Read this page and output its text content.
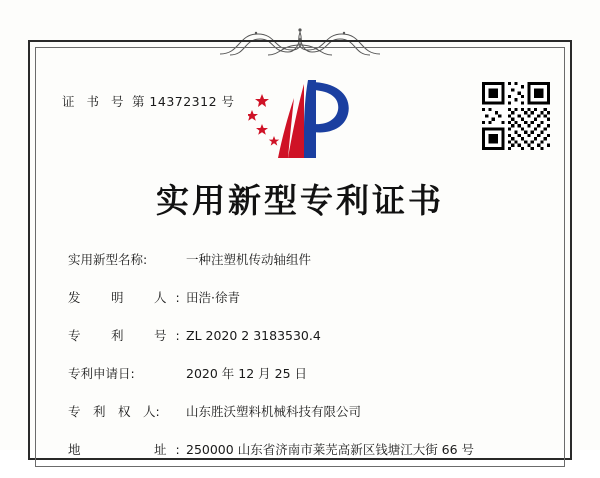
证 书 号 第 14372312 号
实用新型专利证书
实用新型名称:	一种注塑机传动轴组件
发　明　人:
田浩·徐青
专　利　号:
ZL 2020 2 3183530.4
专利申请日:	2020 年 12 月 25 日
专　利　权　人:	山东胜沃塑料机械科技有限公司
地　　　址:
250000 山东省济南市莱芜高新区钱塘江大街 66 号
